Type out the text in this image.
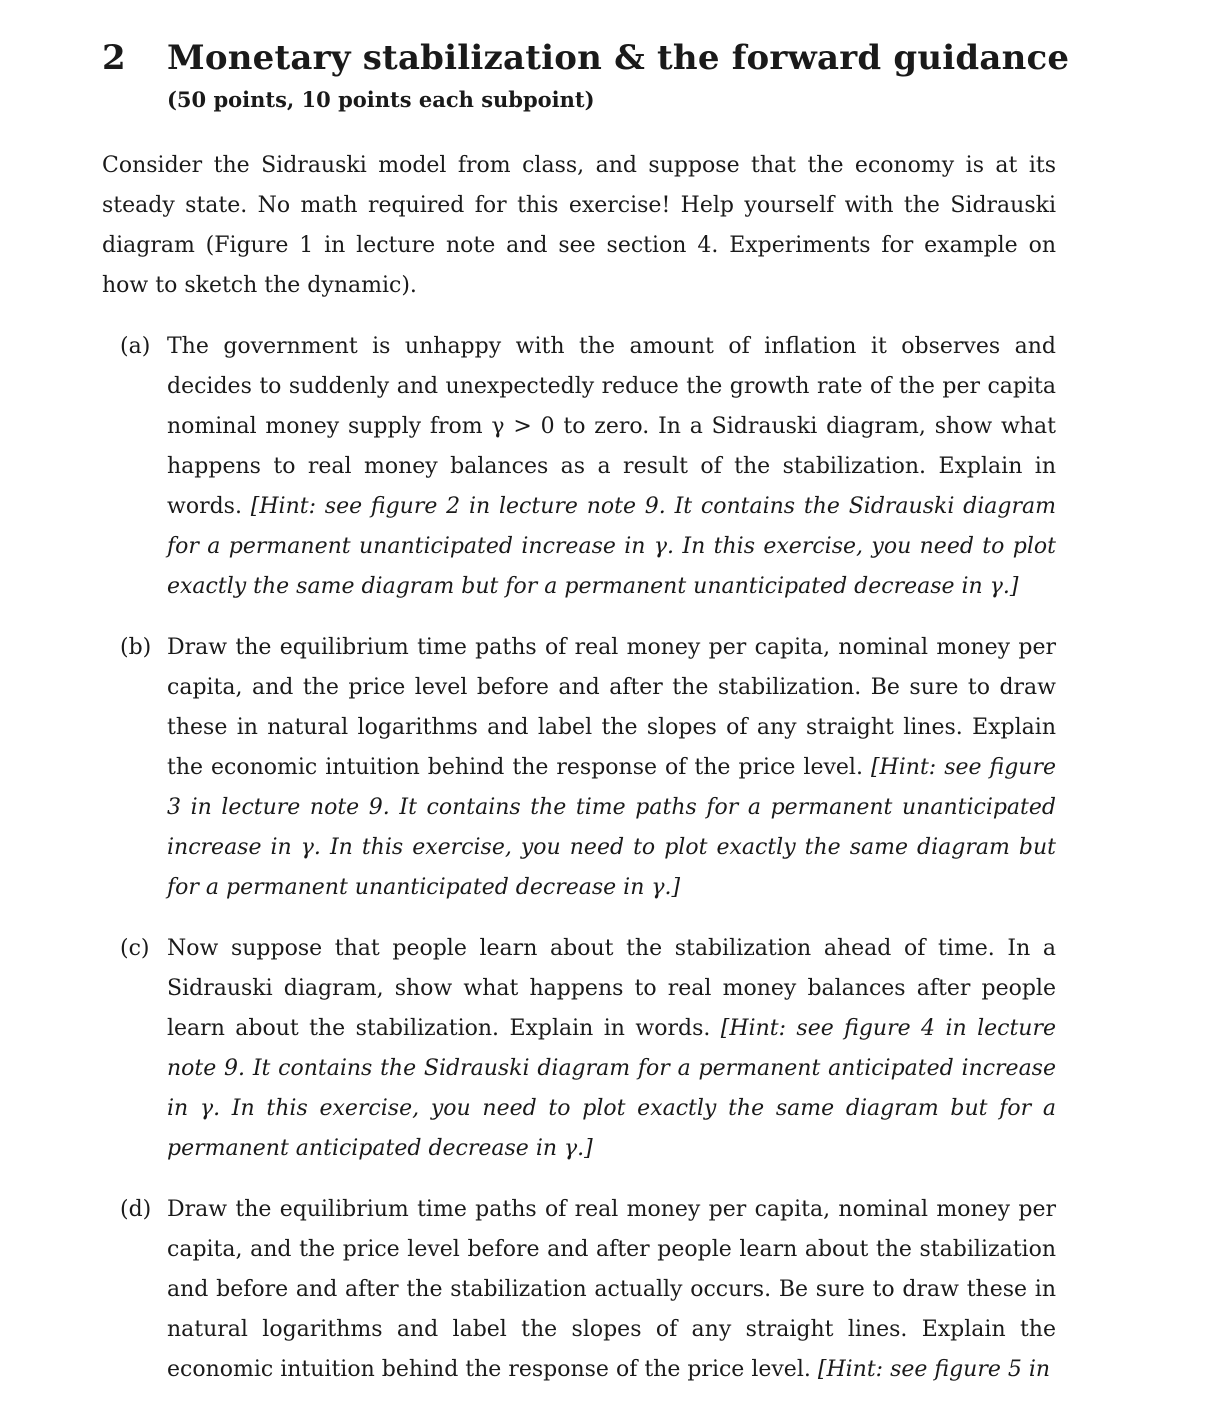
2 Monetary stabilization & the forward guidance
(50 points, 10 points each subpoint)

Consider the Sidrauski model from class, and suppose that the economy is at its steady state. No math required for this exercise! Help yourself with the Sidrauski diagram (Figure 1 in lecture note and see section 4. Experiments for example on how to sketch the dynamic).

(a) The government is unhappy with the amount of inflation it observes and decides to suddenly and unexpectedly reduce the growth rate of the per capita nominal money supply from γ > 0 to zero. In a Sidrauski diagram, show what happens to real money balances as a result of the stabilization. Explain in words. [Hint: see figure 2 in lecture note 9. It contains the Sidrauski diagram for a permanent unanticipated increase in γ. In this exercise, you need to plot exactly the same diagram but for a permanent unanticipated decrease in γ.]

(b) Draw the equilibrium time paths of real money per capita, nominal money per capita, and the price level before and after the stabilization. Be sure to draw these in natural logarithms and label the slopes of any straight lines. Explain the economic intuition behind the response of the price level. [Hint: see figure 3 in lecture note 9. It contains the time paths for a permanent unanticipated increase in γ. In this exercise, you need to plot exactly the same diagram but for a permanent unanticipated decrease in γ.]

(c) Now suppose that people learn about the stabilization ahead of time. In a Sidrauski diagram, show what happens to real money balances after people learn about the stabilization. Explain in words. [Hint: see figure 4 in lecture note 9. It contains the Sidrauski diagram for a permanent anticipated increase in γ. In this exercise, you need to plot exactly the same diagram but for a permanent anticipated decrease in γ.]

(d) Draw the equilibrium time paths of real money per capita, nominal money per capita, and the price level before and after people learn about the stabilization and before and after the stabilization actually occurs. Be sure to draw these in natural logarithms and label the slopes of any straight lines. Explain the economic intuition behind the response of the price level. [Hint: see figure 5 in
